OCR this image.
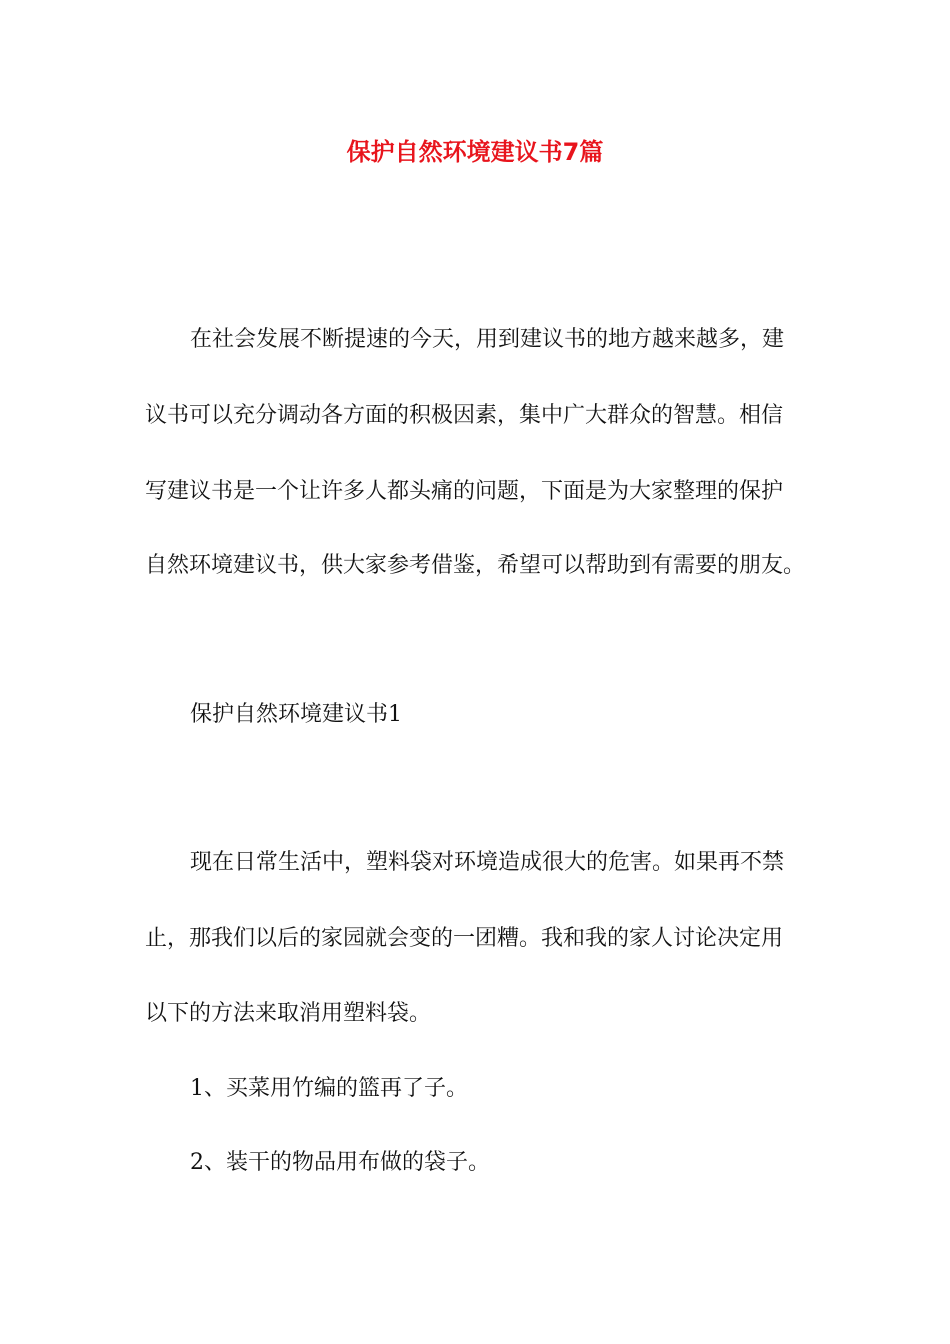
保护自然环境建议书7篇
在社会发展不断提速的今天，用到建议书的地方越来越多，建
议书可以充分调动各方面的积极因素，集中广大群众的智慧。相信
写建议书是一个让许多人都头痛的问题，下面是为大家整理的保护
自然环境建议书，供大家参考借鉴，希望可以帮助到有需要的朋友。
保护自然环境建议书1
现在日常生活中，塑料袋对环境造成很大的危害。如果再不禁
止，那我们以后的家园就会变的一团糟。我和我的家人讨论决定用
以下的方法来取消用塑料袋。
1、买菜用竹编的篮再了子。
2、装干的物品用布做的袋子。
